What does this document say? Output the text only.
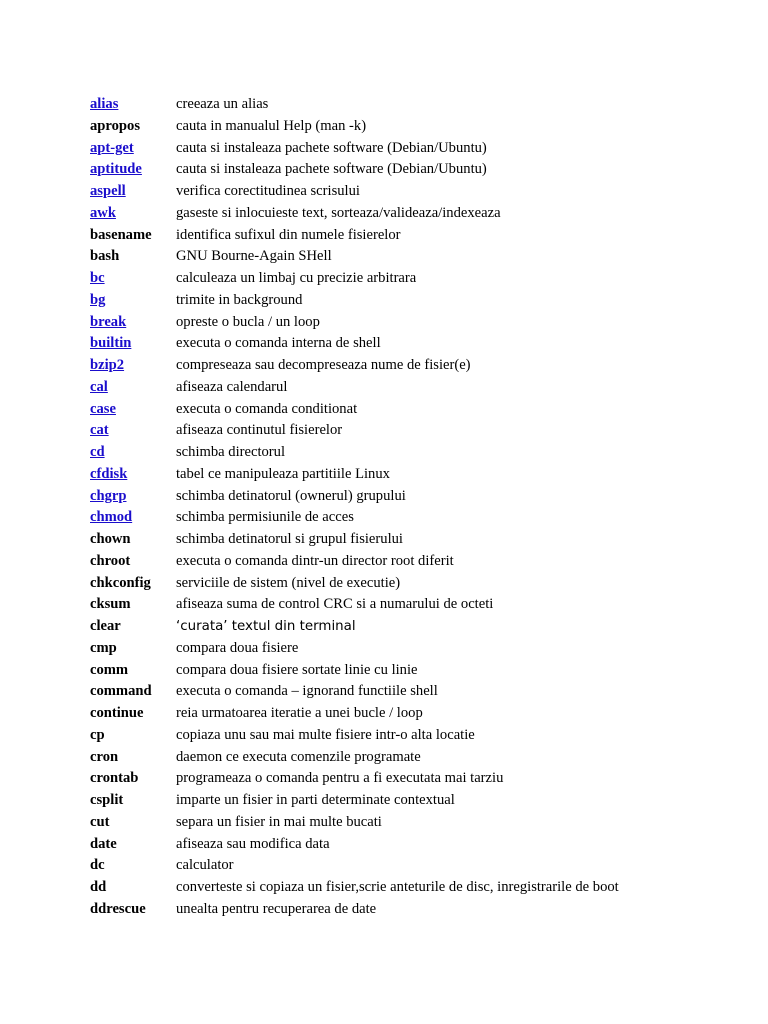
alias	creeaza un alias
apropos	cauta in manualul Help (man -k)
apt-get	cauta si instaleaza pachete software (Debian/Ubuntu)
aptitude	cauta si instaleaza pachete software (Debian/Ubuntu)
aspell	verifica corectitudinea scrisului
awk	gaseste si inlocuieste text, sorteaza/valideaza/indexeaza
basename	identifica sufixul din numele fisierelor
bash	GNU Bourne-Again SHell
bc	calculeaza un limbaj cu precizie arbitrara
bg	trimite in background
break	opreste o bucla / un loop
builtin	executa o comanda interna de shell
bzip2	compreseaza sau decompreseaza nume de fisier(e)
cal	afiseaza calendarul
case	executa o comanda conditionat
cat	afiseaza continutul fisierelor
cd	schimba directorul
cfdisk	tabel ce manipuleaza partitiile Linux
chgrp	schimba detinatorul (ownerul) grupului
chmod	schimba permisiunile de acces
chown	schimba detinatorul si grupul fisierului
chroot	executa o comanda dintr-un director root diferit
chkconfig	serviciile de sistem (nivel de executie)
cksum	afiseaza suma de control CRC si a numarului de octeti
clear	‘curata’ textul din terminal
cmp	compara doua fisiere
comm	compara doua fisiere sortate linie cu linie
command	executa o comanda – ignorand functiile shell
continue	reia urmatoarea iteratie a unei bucle / loop
cp	copiaza unu sau mai multe fisiere intr-o alta locatie
cron	daemon ce executa comenzile programate
crontab	programeaza o comanda pentru a fi executata mai tarziu
csplit	imparte un fisier in parti determinate contextual
cut	separa un fisier in mai multe bucati
date	afiseaza sau modifica data
dc	calculator
dd	converteste si copiaza un fisier,scrie anteturile de disc, inregistrarile de boot
ddrescue	unealta pentru recuperarea de date
